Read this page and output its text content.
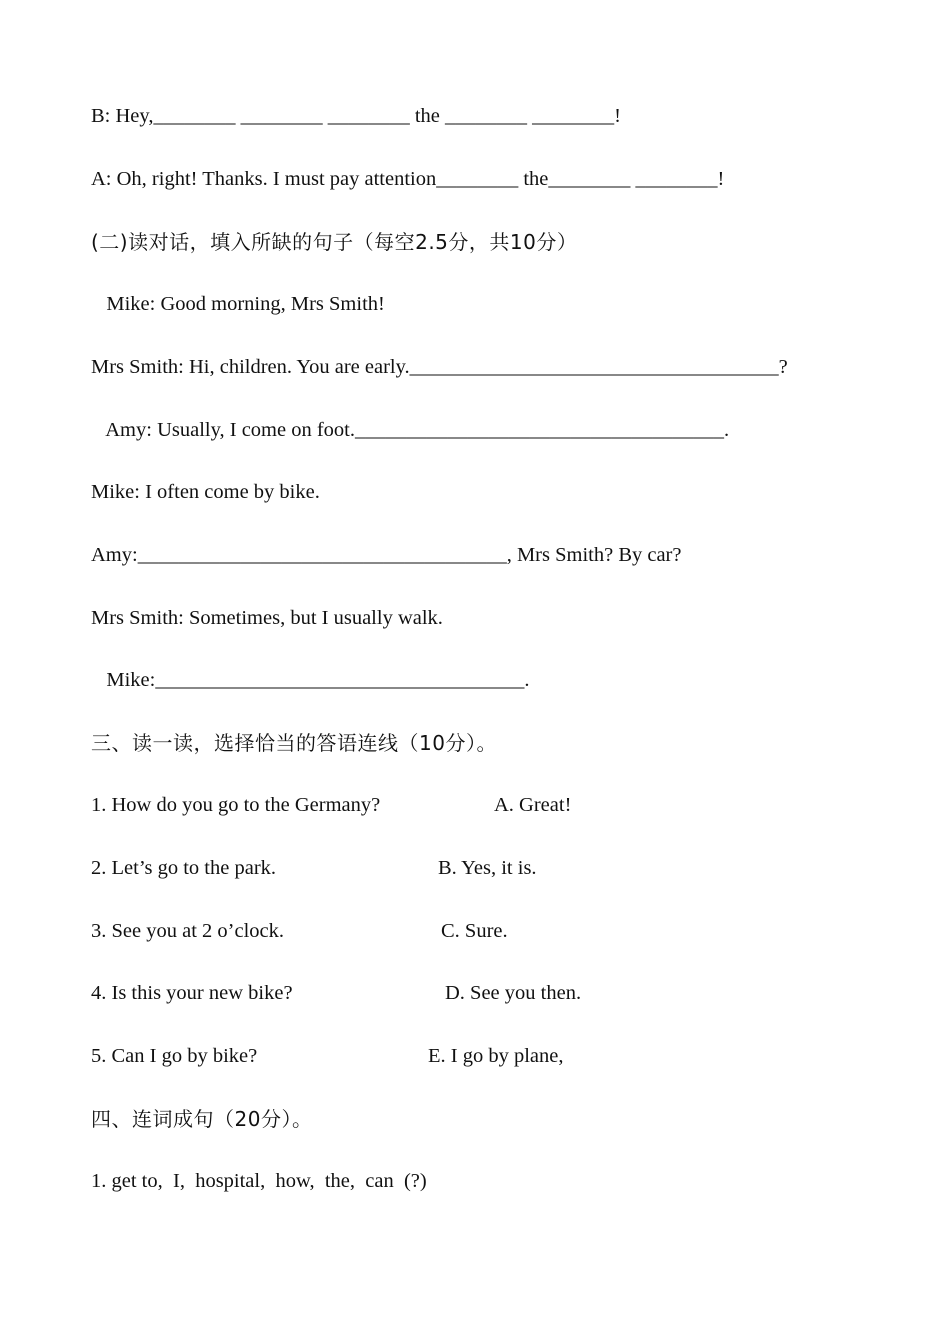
B: Hey,________ ________ ________ the ________ ________!
A: Oh, right! Thanks. I must pay attention________ the________ ________!
(二)读对话，填入所缺的句子（每空2.5分，共10分）
Mike: Good morning, Mrs Smith!
Mrs Smith: Hi, children. You are early.____________________________________?
Amy: Usually, I come on foot.____________________________________.
Mike: I often come by bike.
Amy:____________________________________, Mrs Smith? By car?
Mrs Smith: Sometimes, but I usually walk.
Mike:____________________________________.
三、读一读，选择恰当的答语连线（10分）。
1. How do you go to the Germany?	A. Great!
2. Let’s go to the park.	B. Yes, it is.
3. See you at 2 o’clock.	C. Sure.
4. Is this your new bike?	D. See you then.
5. Can I go by bike?	E. I go by plane,
四、连词成句（20分）。
1. get to,  I,  hospital,  how,  the,  can  (?)
